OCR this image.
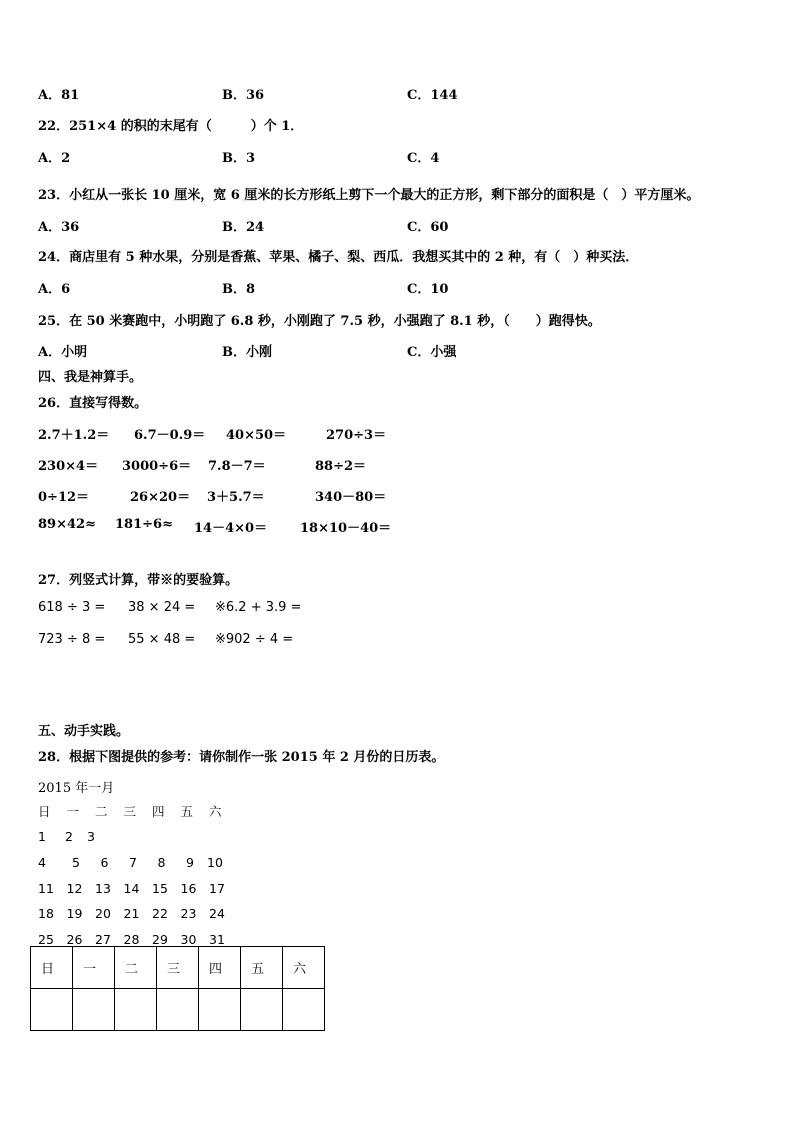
A．81	B．36	C．144
22．251×4 的积的末尾有（　　　）个 1．
A．2	B．3	C．4
23．小红从一张长 10 厘米，宽 6 厘米的长方形纸上剪下一个最大的正方形，剩下部分的面积是（　）平方厘米。
A．36	B．24	C．60
24．商店里有 5 种水果，分别是香蕉、苹果、橘子、梨、西瓜．我想买其中的 2 种，有（　）种买法．
A．6	B．8	C．10
25．在 50 米赛跑中，小明跑了 6.8 秒，小刚跑了 7.5 秒，小强跑了 8.1 秒，（　　）跑得快。
A．小明	B．小刚	C．小强
四、我是神算手。
26．直接写得数。
2.7＋1.2＝ 6.7－0.9＝ 40×50＝	270÷3＝
230×4＝ 3000÷6＝ 7.8－7＝	88÷2＝
0÷12＝	26×20＝ 3＋5.7＝	340－80＝
89×42≈ 181÷6≈ 14－4×0＝	18×10－40＝
27．列竖式计算，带※的要验算。
618 ÷ 3 = 38 × 24 = ※6.2 + 3.9 =
723 ÷ 8 = 55 × 48 = ※902 ÷ 4 =
五、动手实践。
28．根据下图提供的参考：请你制作一张 2015 年 2 月份的日历表。
2015 年一月
日	一	二	三	四	五	六
1	2	3
4	5	6	7	8	9	10
11	12	13	14	15	16	17
18	19	20	21	22	23	24
25	26	27	28	29	30	31
日	一	二	三	四	五	六
